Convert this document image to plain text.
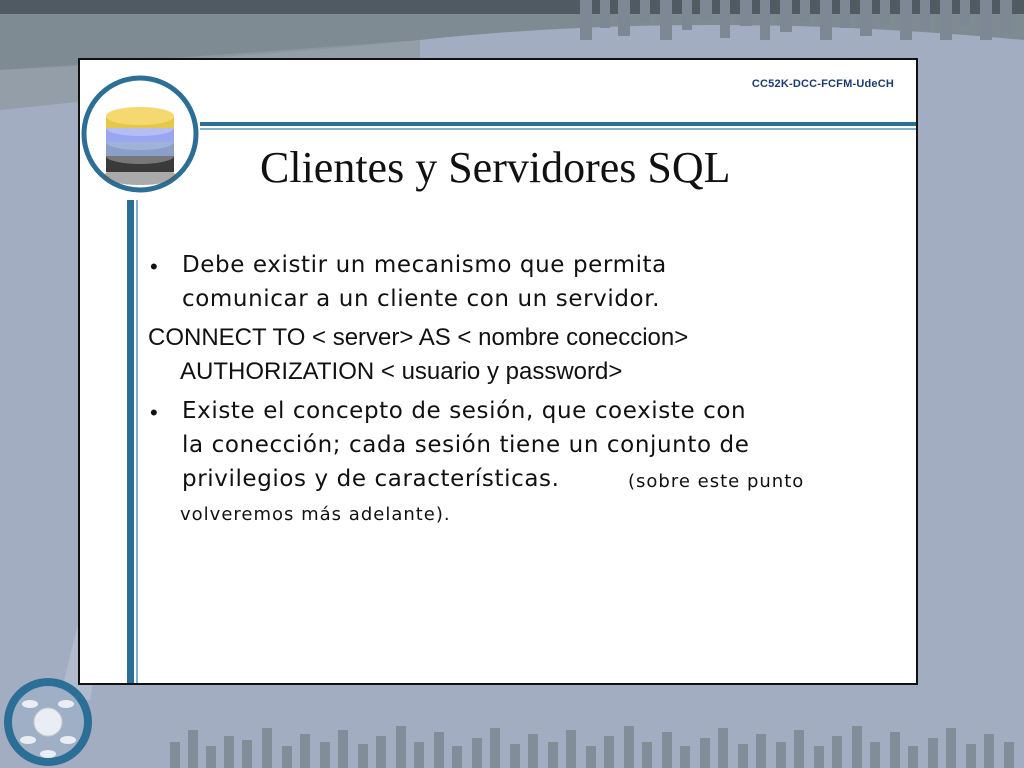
CC52K-DCC-FCFM-UdeCH
Clientes y Servidores SQL
• Debe existir un mecanismo que permita
comunicar a un cliente con un servidor.
CONNECT TO < server> AS < nombre coneccion>
AUTHORIZATION < usuario y password>
• Existe el concepto de sesión, que coexiste con
la conección; cada sesión tiene un conjunto de
privilegios y de características.	(sobre este punto
volveremos más adelante).
